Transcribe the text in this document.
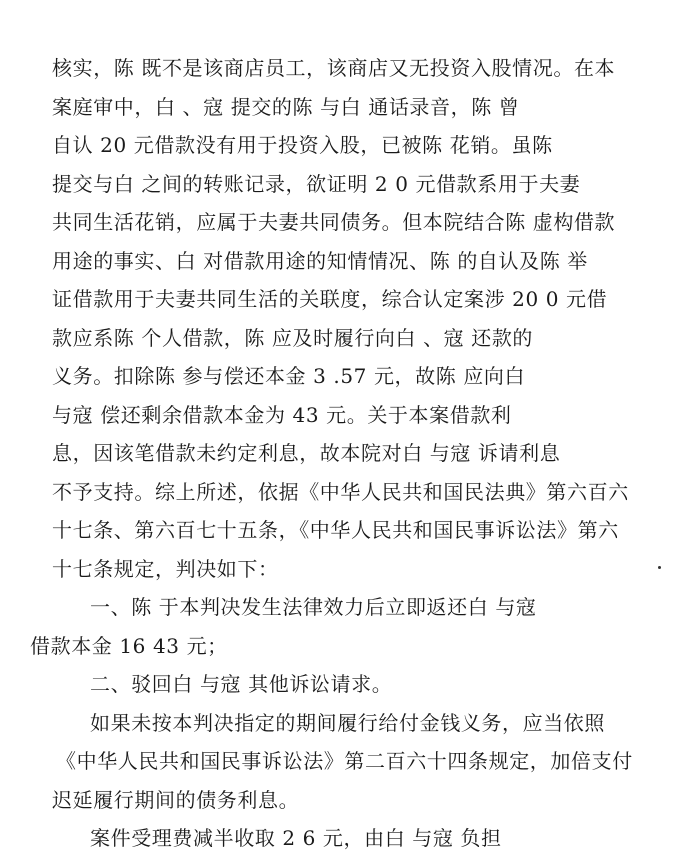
核实，陈 既不是该商店员工，该商店又无投资入股情况。在本
案庭审中，白 、寇 提交的陈 与白 通话录音，陈 曾
自认 20 元借款没有用于投资入股，已被陈 花销。虽陈
提交与白 之间的转账记录，欲证明 2 0 元借款系用于夫妻
共同生活花销，应属于夫妻共同债务。但本院结合陈 虚构借款
用途的事实、白 对借款用途的知情情况、陈 的自认及陈 举
证借款用于夫妻共同生活的关联度，综合认定案涉 20 0 元借
款应系陈 个人借款，陈 应及时履行向白 、寇 还款的
义务。扣除陈 参与偿还本金 3 .57 元，故陈 应向白
与寇 偿还剩余借款本金为 43 元。关于本案借款利
息，因该笔借款未约定利息，故本院对白 与寇 诉请利息
不予支持。综上所述，依据《中华人民共和国民法典》第六百六
十七条、第六百七十五条，《中华人民共和国民事诉讼法》第六
十七条规定，判决如下：
一、陈 于本判决发生法律效力后立即返还白 与寇
借款本金 16 43 元；
二、驳回白 与寇 其他诉讼请求。
如果未按本判决指定的期间履行给付金钱义务，应当依照
《中华人民共和国民事诉讼法》第二百六十四条规定，加倍支付
迟延履行期间的债务利息。
案件受理费减半收取 2 6 元，由白 与寇 负担
